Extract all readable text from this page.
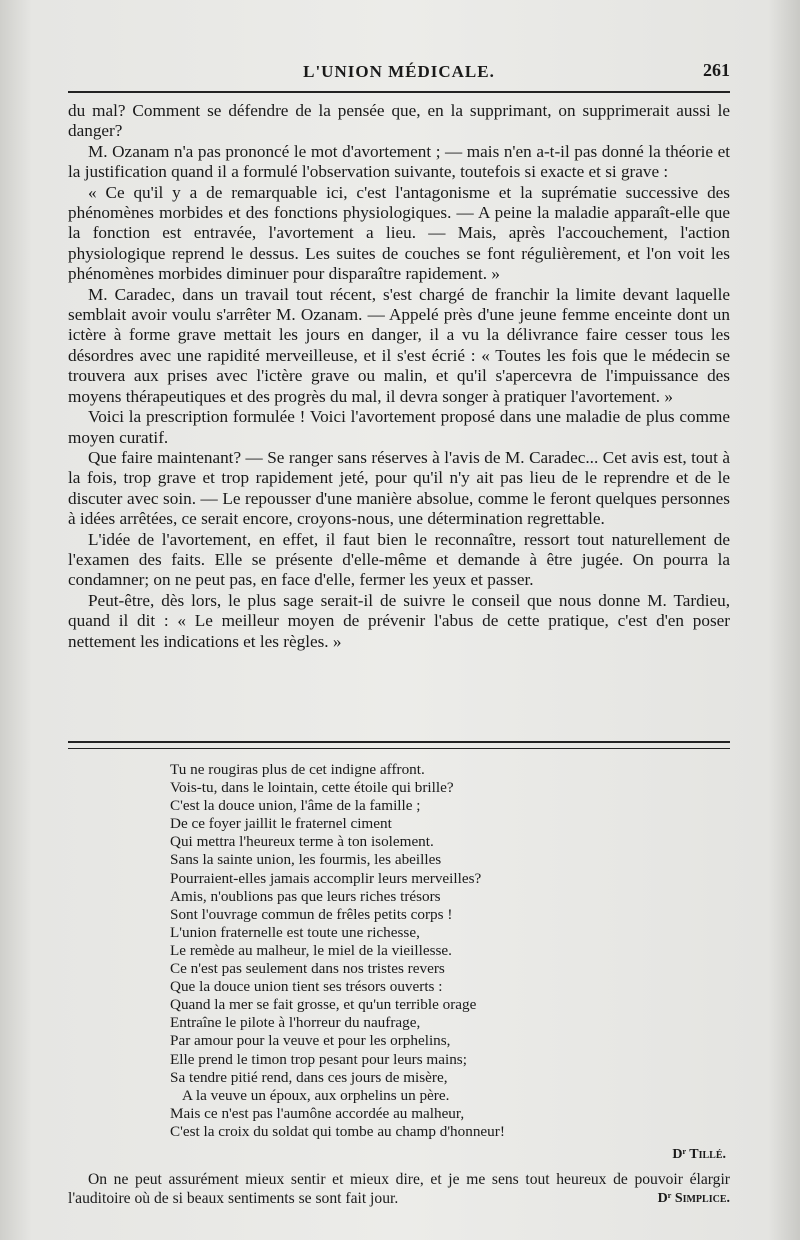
L'UNION MÉDICALE.	261

du mal? Comment se défendre de la pensée que, en la supprimant, on supprimerait aussi le danger?

M. Ozanam n'a pas prononcé le mot d'avortement ; — mais n'en a-t-il pas donné la théorie et la justification quand il a formulé l'observation suivante, toutefois si exacte et si grave :

« Ce qu'il y a de remarquable ici, c'est l'antagonisme et la suprématie successive des phénomènes morbides et des fonctions physiologiques. — A peine la maladie apparaît-elle que la fonction est entravée, l'avortement a lieu. — Mais, après l'accouchement, l'action physiologique reprend le dessus. Les suites de couches se font régulièrement, et l'on voit les phénomènes morbides diminuer pour disparaître rapidement. »

M. Caradec, dans un travail tout récent, s'est chargé de franchir la limite devant laquelle semblait avoir voulu s'arrêter M. Ozanam. — Appelé près d'une jeune femme enceinte dont un ictère à forme grave mettait les jours en danger, il a vu la délivrance faire cesser tous les désordres avec une rapidité merveilleuse, et il s'est écrié : « Toutes les fois que le médecin se trouvera aux prises avec l'ictère grave ou malin, et qu'il s'apercevra de l'impuissance des moyens thérapeutiques et des progrès du mal, il devra songer à pratiquer l'avortement. »

Voici la prescription formulée ! Voici l'avortement proposé dans une maladie de plus comme moyen curatif.

Que faire maintenant? — Se ranger sans réserves à l'avis de M. Caradec... Cet avis est, tout à la fois, trop grave et trop rapidement jeté, pour qu'il n'y ait pas lieu de le reprendre et de le discuter avec soin. — Le repousser d'une manière absolue, comme le feront quelques personnes à idées arrêtées, ce serait encore, croyons-nous, une détermination regrettable.

L'idée de l'avortement, en effet, il faut bien le reconnaître, ressort tout naturellement de l'examen des faits. Elle se présente d'elle-même et demande à être jugée. On pourra la condamner; on ne peut pas, en face d'elle, fermer les yeux et passer.

Peut-être, dès lors, le plus sage serait-il de suivre le conseil que nous donne M. Tardieu, quand il dit : « Le meilleur moyen de prévenir l'abus de cette pratique, c'est d'en poser nettement les indications et les règles. »

Tu ne rougiras plus de cet indigne affront.
Vois-tu, dans le lointain, cette étoile qui brille?
C'est la douce union, l'âme de la famille ;
De ce foyer jaillit le fraternel ciment
Qui mettra l'heureux terme à ton isolement.
Sans la sainte union, les fourmis, les abeilles
Pourraient-elles jamais accomplir leurs merveilles?
Amis, n'oublions pas que leurs riches trésors
Sont l'ouvrage commun de frêles petits corps !
L'union fraternelle est toute une richesse,
Le remède au malheur, le miel de la vieillesse.
Ce n'est pas seulement dans nos tristes revers
Que la douce union tient ses trésors ouverts :
Quand la mer se fait grosse, et qu'un terrible orage
Entraîne le pilote à l'horreur du naufrage,
Par amour pour la veuve et pour les orphelins,
Elle prend le timon trop pesant pour leurs mains;
Sa tendre pitié rend, dans ces jours de misère,
A la veuve un époux, aux orphelins un père.
Mais ce n'est pas l'aumône accordée au malheur,
C'est la croix du soldat qui tombe au champ d'honneur!
Dʳ Tillé.

On ne peut assurément mieux sentir et mieux dire, et je me sens tout heureux de pouvoir élargir l'auditoire où de si beaux sentiments se sont fait jour.	Dʳ Simplice.
